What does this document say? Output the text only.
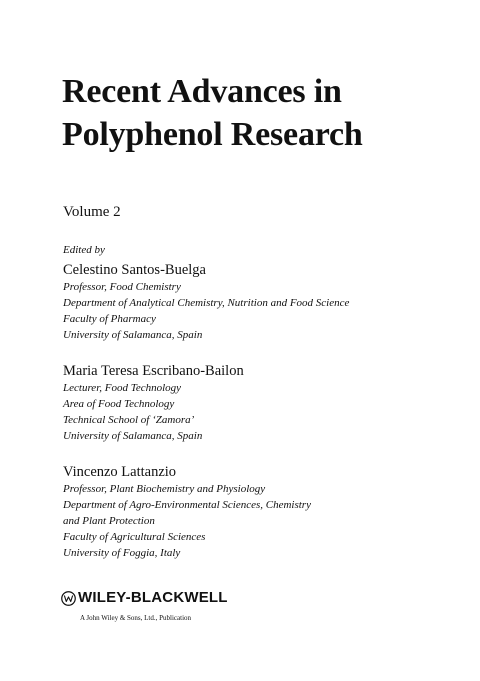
Recent Advances in
Polyphenol Research
Volume 2
Edited by
Celestino Santos-Buelga
Professor, Food Chemistry
Department of Analytical Chemistry, Nutrition and Food Science
Faculty of Pharmacy
University of Salamanca, Spain
Maria Teresa Escribano-Bailon
Lecturer, Food Technology
Area of Food Technology
Technical School of ‘Zamora’
University of Salamanca, Spain
Vincenzo Lattanzio
Professor, Plant Biochemistry and Physiology
Department of Agro-Environmental Sciences, Chemistry
and Plant Protection
Faculty of Agricultural Sciences
University of Foggia, Italy
WILEY-BLACKWELL
A John Wiley & Sons, Ltd., Publication
